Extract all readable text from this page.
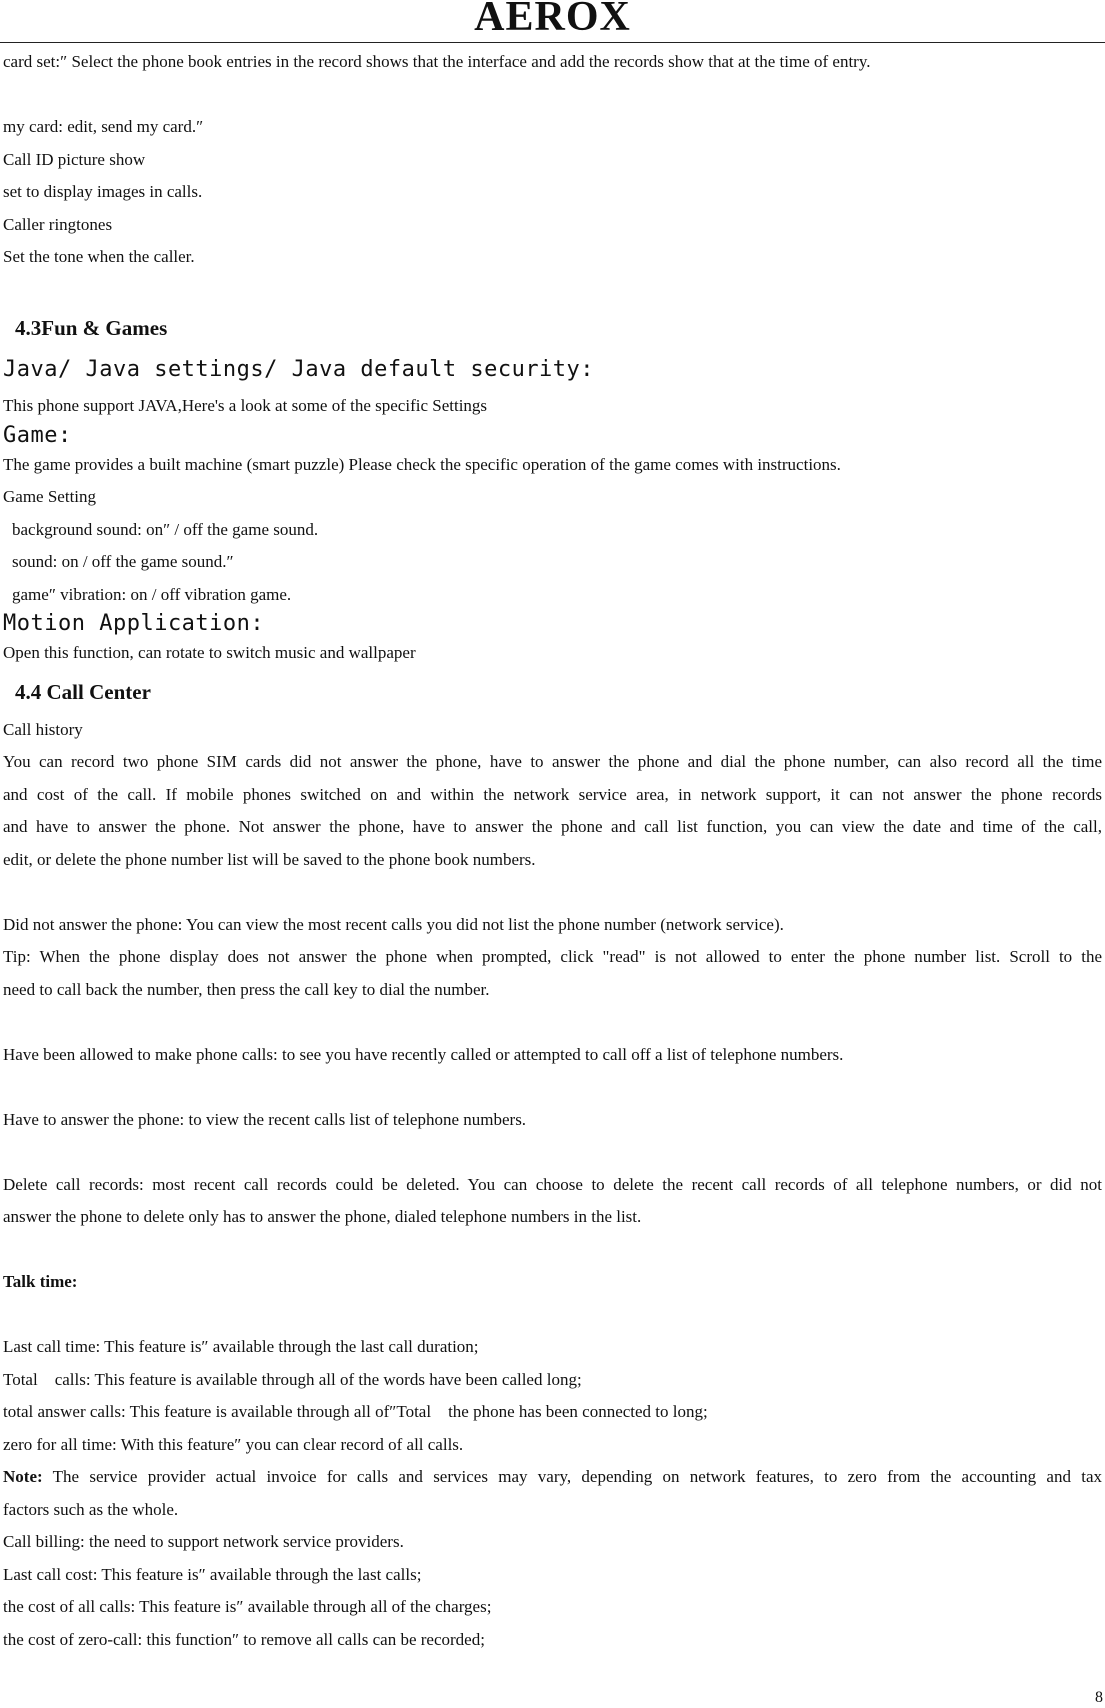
AEROX
card set:″ Select the phone book entries in the record shows that the interface and add the records show that at the time of entry.
my card: edit, send my card.″
Call ID picture show
set to display images in calls.
Caller ringtones
Set the tone when the caller.
4.3Fun & Games
Java/ Java settings/ Java default security:
This phone support JAVA,Here's a look at some of the specific Settings
Game:
The game provides a built machine (smart puzzle) Please check the specific operation of the game comes with instructions.
Game Setting
background sound: on″ / off the game sound.
sound: on / off the game sound.″
game″ vibration: on / off vibration game.
Motion Application:
Open this function, can rotate to switch music and wallpaper
4.4 Call Center
Call history
You can record two phone SIM cards did not answer the phone, have to answer the phone and dial the phone number, can also record all the time
and cost of the call. If mobile phones switched on and within the network service area, in network support, it can not answer the phone records
and have to answer the phone. Not answer the phone, have to answer the phone and call list function, you can view the date and time of the call,
edit, or delete the phone number list will be saved to the phone book numbers.
Did not answer the phone: You can view the most recent calls you did not list the phone number (network service).
Tip: When the phone display does not answer the phone when prompted, click "read" is not allowed to enter the phone number list. Scroll to the
need to call back the number, then press the call key to dial the number.
Have been allowed to make phone calls: to see you have recently called or attempted to call off a list of telephone numbers.
Have to answer the phone: to view the recent calls list of telephone numbers.
Delete call records: most recent call records could be deleted. You can choose to delete the recent call records of all telephone numbers, or did not
answer the phone to delete only has to answer the phone, dialed telephone numbers in the list.
Talk time:
Last call time: This feature is″ available through the last call duration;
Total    calls: This feature is available through all of the words have been called long;
total answer calls: This feature is available through all of″Total    the phone has been connected to long;
zero for all time: With this feature″ you can clear record of all calls.
Note: The service provider actual invoice for calls and services may vary, depending on network features, to zero from the accounting and tax
factors such as the whole.
Call billing: the need to support network service providers.
Last call cost: This feature is″ available through the last calls;
the cost of all calls: This feature is″ available through all of the charges;
the cost of zero-call: this function″ to remove all calls can be recorded;
8
